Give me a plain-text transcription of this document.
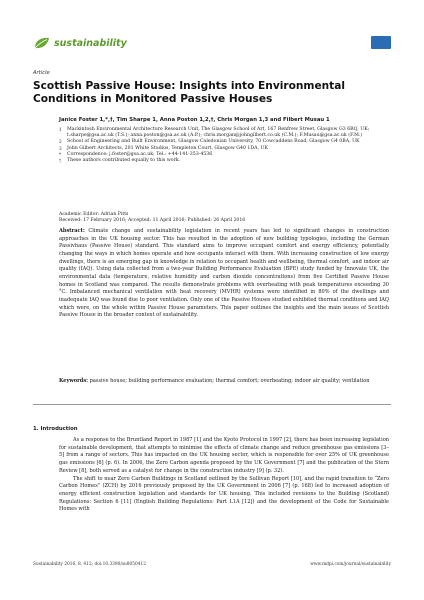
sustainability
Article
Scottish Passive House: Insights into Environmental Conditions in Monitored Passive Houses
Janice Foster 1,*,†, Tim Sharpe 1, Anna Poston 1,2,†, Chris Morgan 1,3 and Filbert Musau 1
1 Mackintosh Environmental Architecture Research Unit, The Glasgow School of Art, 167 Renfrew Street, Glasgow G3 6RQ, UK; t.sharpe@gsa.ac.uk (T.S.); anna.poston@gsa.ac.uk (A.P.); chris.morgan@johngilbert.co.uk (C.M.); F.Musau@gsa.ac.uk (F.M.)
2 School of Engineering and Built Environment, Glasgow Caledonian University, 70 Cowcaddens Road, Glasgow G4 0BA, UK
3 John Gilbert Architects, 201 White Studios, Templeton Court, Glasgow G40 1DA, UK
* Correspondence: j.foster@gsa.ac.uk; Tel.: +44-141-353-4536
† These authors contributed equally to this work.
Academic Editor: Adrian Pitts
Received: 17 February 2016; Accepted: 11 April 2016; Published: 26 April 2016
Abstract: Climate change and sustainability legislation in recent years has led to significant changes in construction approaches in the UK housing sector. This has resulted in the adoption of new building typologies, including the German Passivhaus (Passive House) standard. This standard aims to improve occupant comfort and energy efficiency, potentially changing the ways in which homes operate and how occupants interact with them. With increasing construction of low energy dwellings, there is an emerging gap in knowledge in relation to occupant health and wellbeing, thermal comfort, and indoor air quality (IAQ). Using data collected from a two-year Building Performance Evaluation (BPE) study funded by Innovate UK, the environmental data (temperature, relative humidity and carbon dioxide concentrations) from five Certified Passive House homes in Scotland was compared. The results demonstrate problems with overheating with peak temperatures exceeding 30 °C. Imbalanced mechanical ventilation with heat recovery (MVHR) systems were identified in 80% of the dwellings and inadequate IAQ was found due to poor ventilation. Only one of the Passive Houses studied exhibited thermal conditions and IAQ which were, on the whole within Passive House parameters. This paper outlines the insights and the main issues of Scottish Passive House in the broader context of sustainability.
Keywords: passive house; building performance evaluation; thermal comfort; overheating; indoor air quality; ventilation
1. Introduction

As a response to the Bruntland Report in 1987 [1] and the Kyoto Protocol in 1997 [2], there has been increasing legislation for sustainable development, that attempts to minimise the effects of climate change and reduce greenhouse gas emissions [3–5] from a range of sectors. This has impacted on the UK housing sector, which is responsible for over 25% of UK greenhouse gas emissions [6] (p. 6). In 2006, the Zero Carbon agenda proposed by the UK Government [7] and the publication of the Stern Review [8], both served as a catalyst for change in the construction industry [9] (p. 32).

The shift to near Zero Carbon Buildings in Scotland outlined by the Sullivan Report [10], and the rapid transition to “Zero Carbon Homes” (ZCH) by 2016 previously proposed by the UK Government in 2006 [7] (p. 168) led to increased adoption of energy efficient construction legislation and standards for UK housing. This included revisions to the Building (Scotland) Regulations: Section 6 [11] (English Building Regulations: Part L1A [12]) and the development of the Code for Sustainable Homes with

Sustainability 2016, 8, 412; doi:10.3390/su8050412	www.mdpi.com/journal/sustainability
